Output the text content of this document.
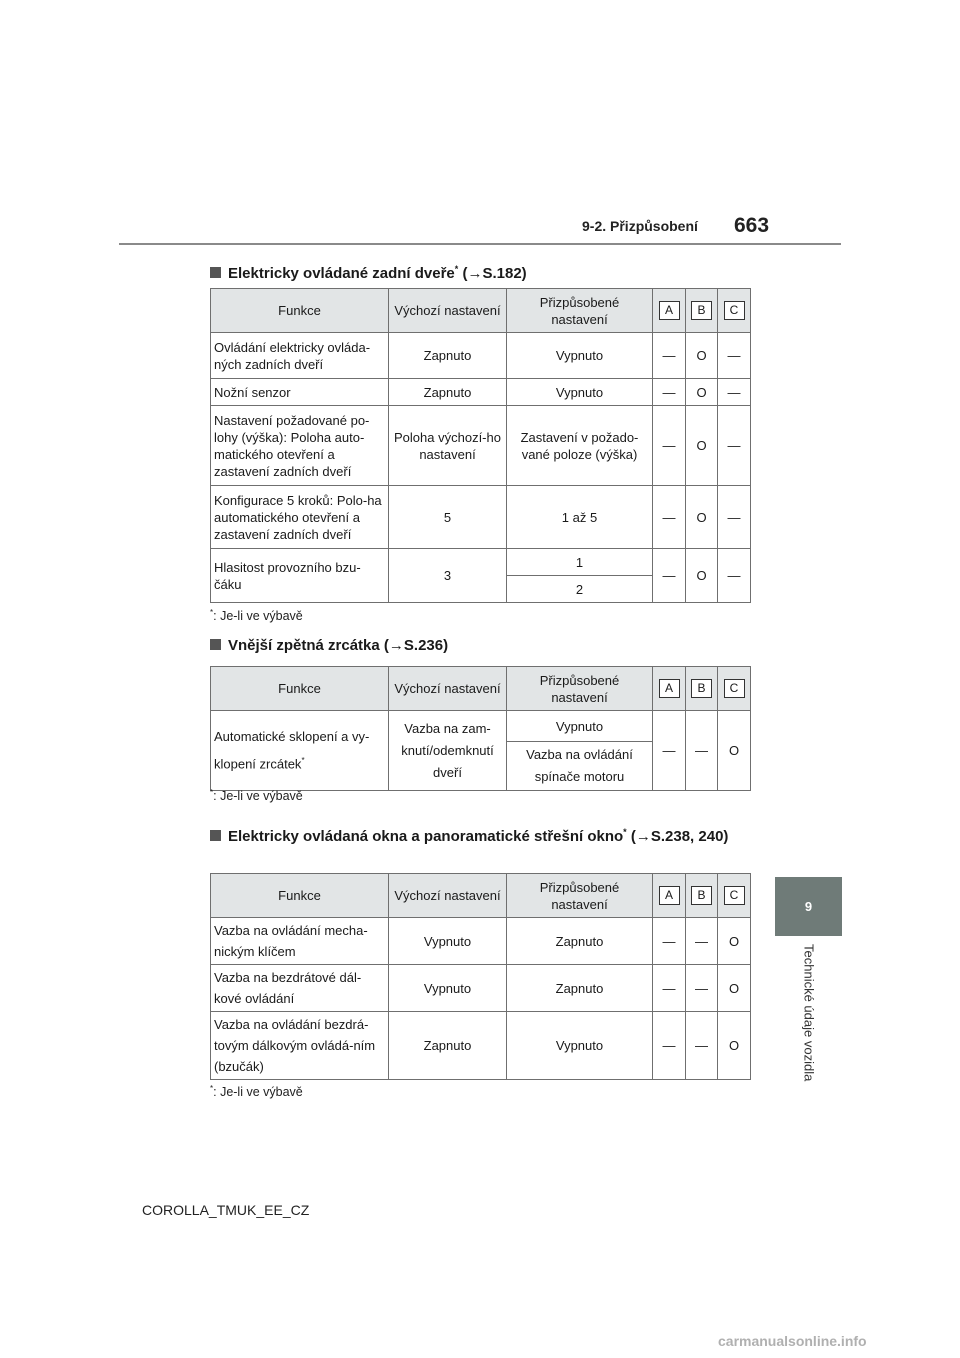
9-2. Přizpůsobení 663
9
Technické údaje vozidla
Elektricky ovládané zadní dveře* (→S.182)
Funkce	Výchozí nastavení	Přizpůsobené nastavení	A	B	C
Ovládání elektricky ovláda-ných zadních dveří	Zapnuto	Vypnuto	—	O	—
Nožní senzor	Zapnuto	Vypnuto	—	O	—
Nastavení požadované po-lohy (výška): Poloha auto-matického otevření a zastavení zadních dveří	Poloha výchozí-ho nastavení	Zastavení v požado-vané poloze (výška)	—	O	—
Konfigurace 5 kroků: Polo-ha automatického otevření a zastavení zadních dveří	5	1 až 5	—	O	—
Hlasitost provozního bzu-čáku	3	1	—	O	—
		2			
*: Je-li ve výbavě
Vnější zpětná zrcátka (→S.236)
Funkce	Výchozí nastavení	Přizpůsobené nastavení	A	B	C
Automatické sklopení a vy-klopení zrcátek*	Vazba na zam-knutí/odemknutí dveří	Vypnuto	—	—	O
		Vazba na ovládání spínače motoru			
*: Je-li ve výbavě
Elektricky ovládaná okna a panoramatické střešní okno* (→S.238, 240)
Funkce	Výchozí nastavení	Přizpůsobené nastavení	A	B	C
Vazba na ovládání mecha-nickým klíčem	Vypnuto	Zapnuto	—	—	O
Vazba na bezdrátové dál-kové ovládání	Vypnuto	Zapnuto	—	—	O
Vazba na ovládání bezdrá-tovým dálkovým ovládá-ním (bzučák)	Zapnuto	Vypnuto	—	—	O
*: Je-li ve výbavě
COROLLA_TMUK_EE_CZ
carmanualsonline.info
